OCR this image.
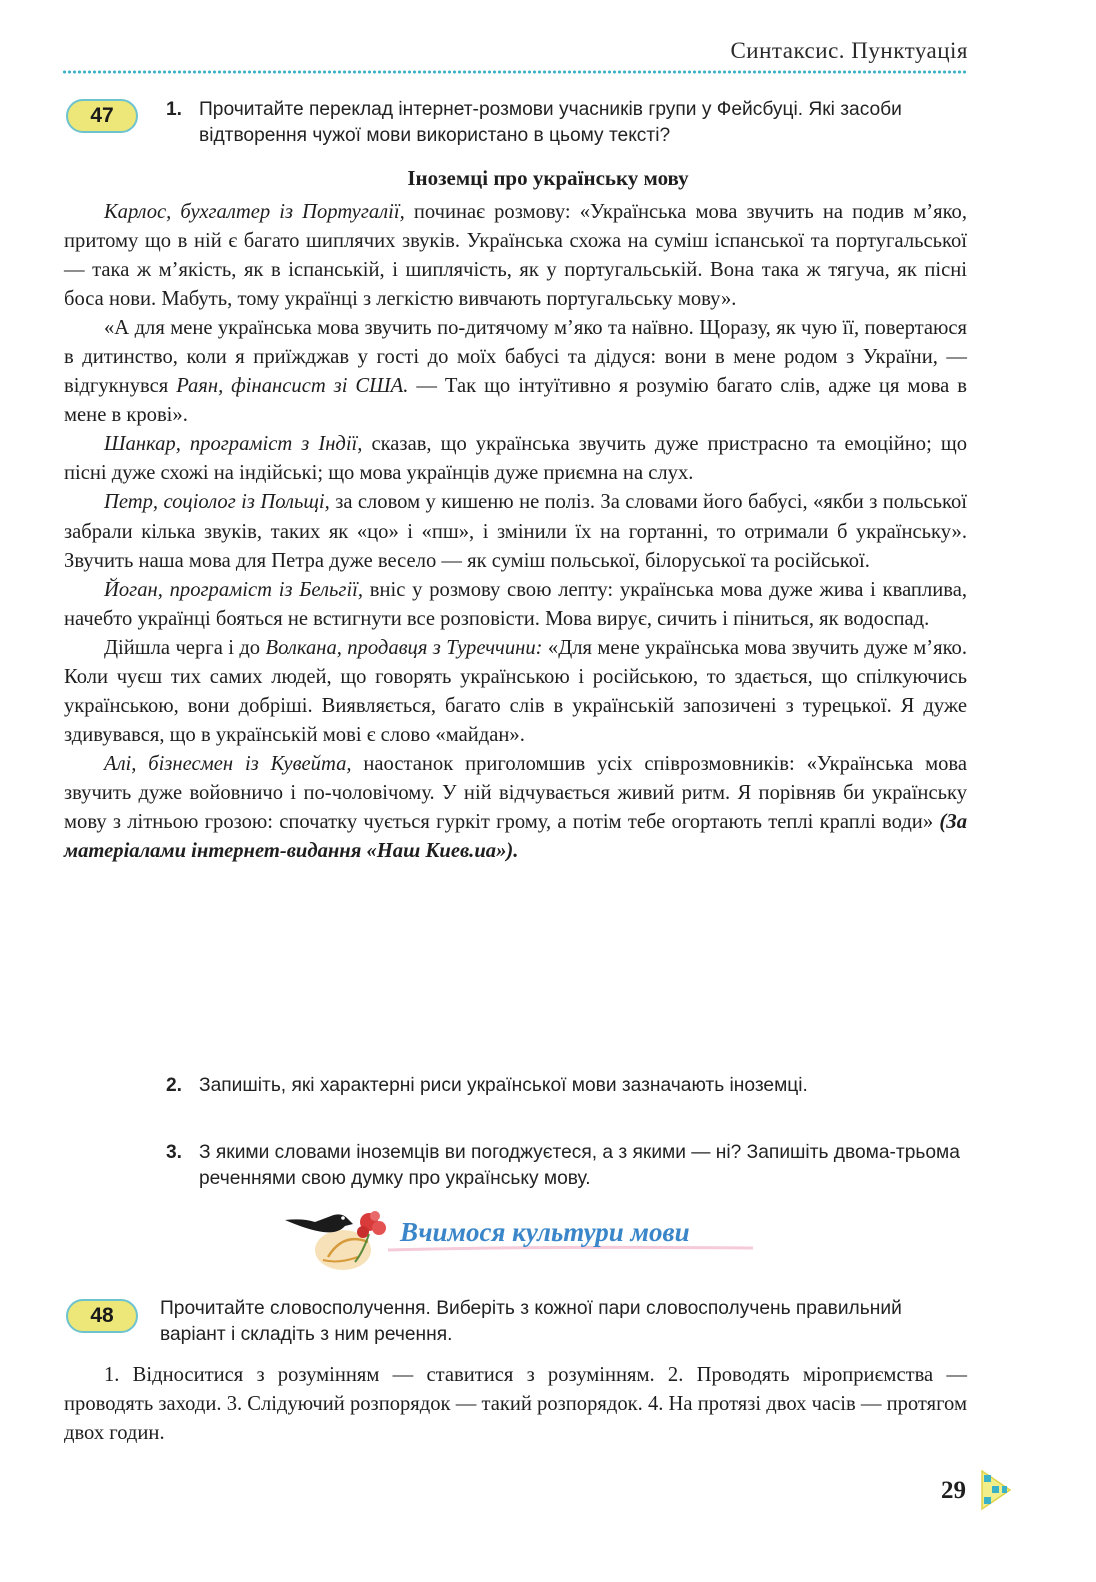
Синтаксис. Пунктуація
47	1. Прочитайте переклад інтернет-розмови учасників групи у Фейсбуці. Які засоби відтворення чужої мови використано в цьому тексті?
Іноземці про українську мову

Карлос, бухгалтер із Португалії, починає розмову: «Українська мова звучить на подив м’яко, притому що в ній є багато шиплячих звуків. Українська схожа на суміш іспанської та португальської — така ж м’якість, як в іспанській, і шиплячість, як у португальській. Вона така ж тягуча, як пісні боса нови. Мабуть, тому українці з легкістю вивчають португальську мову».

«А для мене українська мова звучить по-дитячому м’яко та наївно. Щоразу, як чую її, повертаюся в дитинство, коли я приїжджав у гості до моїх бабусі та дідуся: вони в мене родом з України, — відгукнувся Раян, фінансист зі США. — Так що інтуїтивно я розумію багато слів, адже ця мова в мене в крові».

Шанкар, програміст з Індії, сказав, що українська звучить дуже пристрасно та емоційно; що пісні дуже схожі на індійські; що мова українців дуже приємна на слух.

Петр, соціолог із Польщі, за словом у кишеню не поліз. За словами його бабусі, «якби з польської забрали кілька звуків, таких як «цо» і «пш», і змінили їх на гортанні, то отримали б українську». Звучить наша мова для Петра дуже весело — як суміш польської, білоруської та російської.

Йоган, програміст із Бельгії, вніс у розмову свою лепту: українська мова дуже жива і кваплива, начебто українці бояться не встигнути все розповісти. Мова вирує, сичить і піниться, як водоспад.

Дійшла черга і до Волкана, продавця з Туреччини: «Для мене українська мова звучить дуже м’яко. Коли чуєш тих самих людей, що говорять українською і російською, то здається, що спілкуючись українською, вони добріші. Виявляється, багато слів в українській запозичені з турецької. Я дуже здивувався, що в українській мові є слово «майдан».

Алі, бізнесмен із Кувейта, наостанок приголомшив усіх співрозмовників: «Українська мова звучить дуже войовничо і по-чоловічому. У ній відчувається живий ритм. Я порівняв би українську мову з літньою грозою: спочатку чується гуркіт грому, а потім тебе огортають теплі краплі води» (За матеріалами інтернет-видання «Наш Киев.ua»).

2. Запишіть, які характерні риси української мови зазначають іноземці.
3. З якими словами іноземців ви погоджуєтеся, а з якими — ні? Запишіть двома-трьома реченнями свою думку про українську мову.
Вчимося культури мови
48	Прочитайте словосполучення. Виберіть з кожної пари словосполучень правильний варіант і складіть з ним речення.

1. Відноситися з розумінням — ставитися з розумінням. 2. Проводять міроприємства — проводять заходи. 3. Слідуючий розпорядок — такий розпорядок. 4. На протязі двох часів — протягом двох годин.

29
